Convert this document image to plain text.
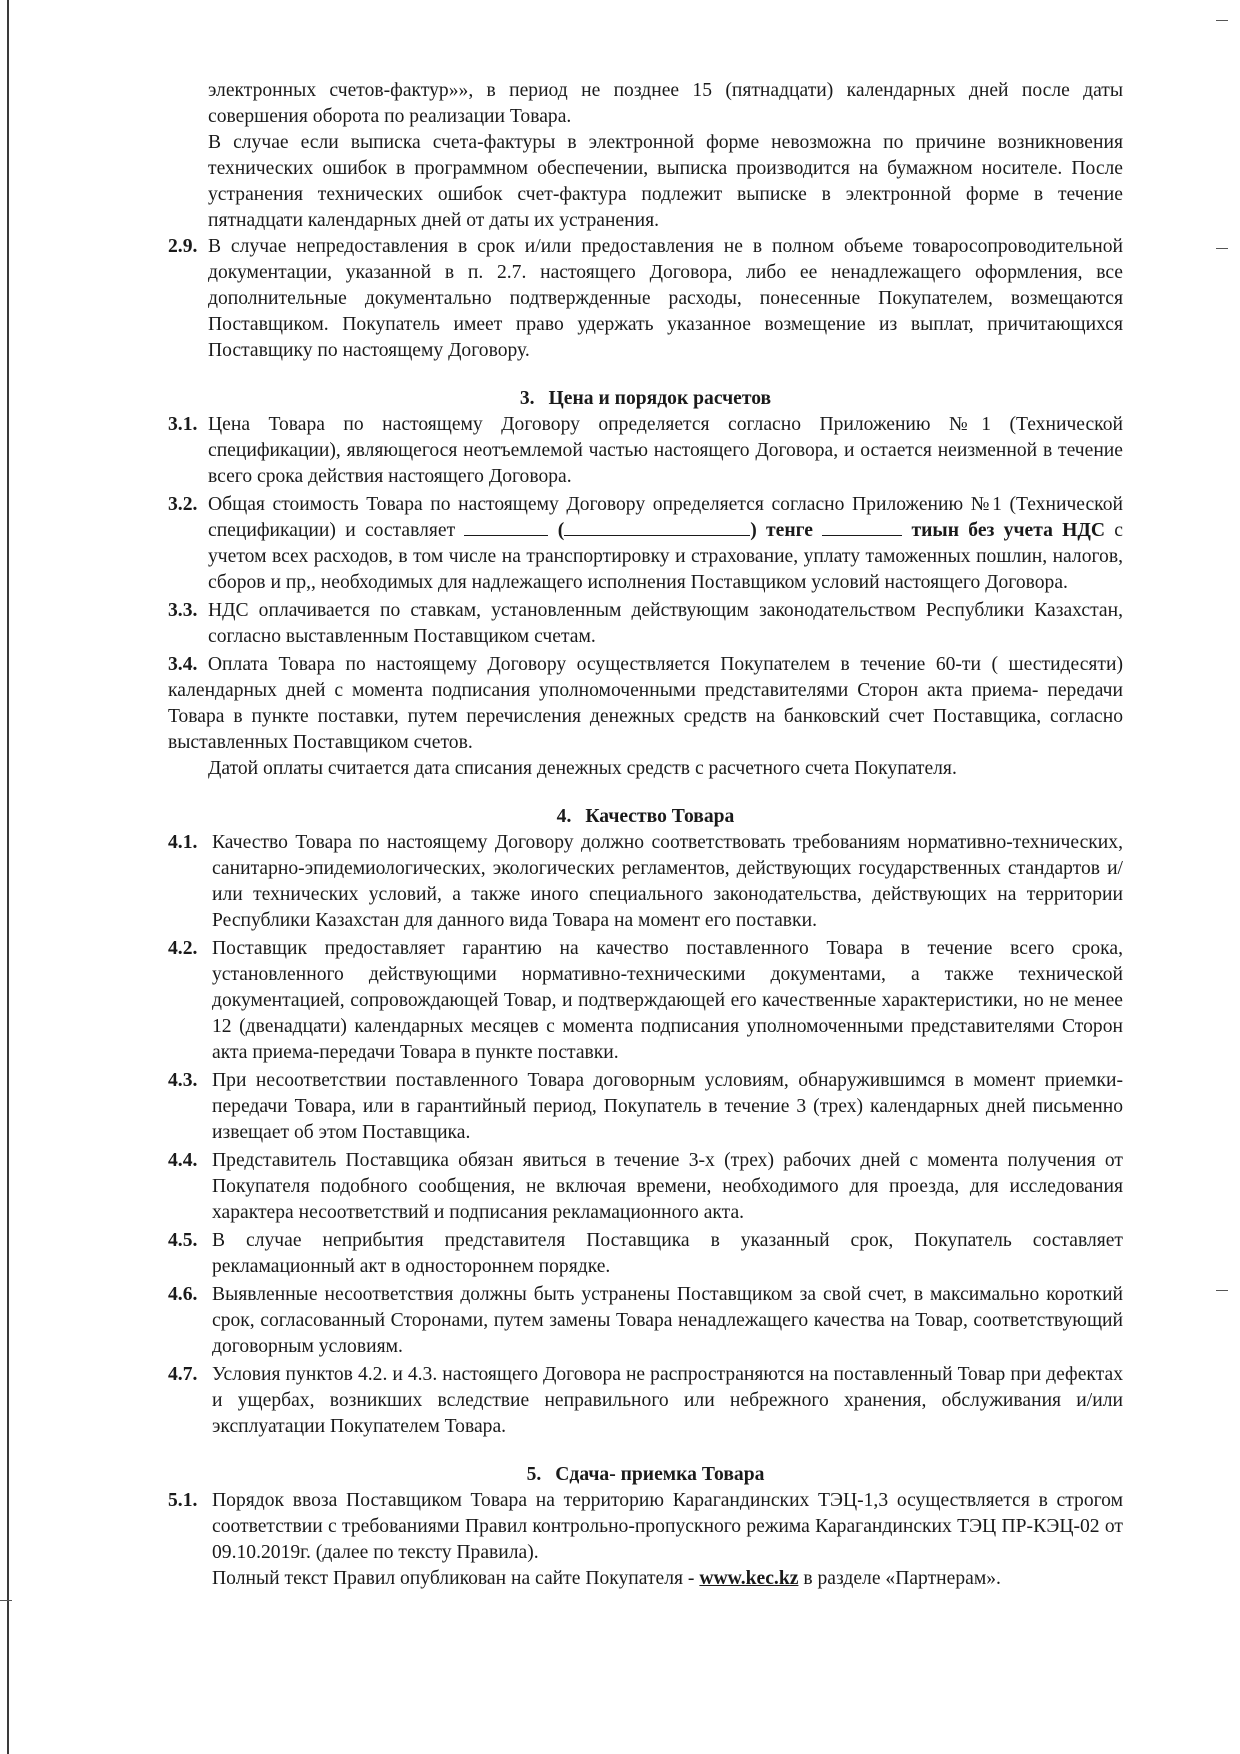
электронных счетов-фактур»», в период не позднее 15 (пятнадцати) календарных дней после даты совершения оборота по реализации Товара.

В случае если выписка счета-фактуры в электронной форме невозможна по причине возникновения технических ошибок в программном обеспечении, выписка производится на бумажном носителе. После устранения технических ошибок счет-фактура подлежит выписке в электронной форме в течение пятнадцати календарных дней от даты их устранения.

2.9. В случае непредоставления в срок и/или предоставления не в полном объеме товаросопроводительной документации, указанной в п. 2.7. настоящего Договора, либо ее ненадлежащего оформления, все дополнительные документально подтвержденные расходы, понесенные Покупателем, возмещаются Поставщиком. Покупатель имеет право удержать указанное возмещение из выплат, причитающихся Поставщику по настоящему Договору.
3. Цена и порядок расчетов
3.1. Цена Товара по настоящему Договору определяется согласно Приложению №1 (Технической спецификации), являющегося неотъемлемой частью настоящего Договора, и остается неизменной в течение всего срока действия настоящего Договора.
3.2. Общая стоимость Товара по настоящему Договору определяется согласно Приложению №1 (Технической спецификации) и составляет	(	) тенге	тиын без учета НДС с учетом всех расходов, в том числе на транспортировку и страхование, уплату таможенных пошлин, налогов, сборов и пр,, необходимых для надлежащего исполнения Поставщиком условий настоящего Договора.
3.3. НДС оплачивается по ставкам, установленным действующим законодательством Республики Казахстан, согласно выставленным Поставщиком счетам.

3.4. Оплата Товара по настоящему Договору осуществляется Покупателем в течение 60-ти ( шестидесяти) календарных дней с момента подписания уполномоченными представителями Сторон акта приема- передачи Товара в пункте поставки, путем перечисления денежных средств на банковский счет Поставщика, согласно выставленных Поставщиком счетов.

Датой оплаты считается дата списания денежных средств с расчетного счета Покупателя.

4. Качество Товара
4.1. Качество Товара по настоящему Договору должно соответствовать требованиям нормативно-технических, санитарно-эпидемиологических, экологических регламентов, действующих государственных стандартов и/или технических условий, а также иного специального законодательства, действующих на территории Республики Казахстан для данного вида Товара на момент его поставки.
4.2. Поставщик предоставляет гарантию на качество поставленного Товара в течение всего срока, установленного действующими нормативно-техническими документами, а также технической документацией, сопровождающей Товар, и подтверждающей его качественные характеристики, но не менее 12 (двенадцати) календарных месяцев с момента подписания уполномоченными представителями Сторон акта приема-передачи Товара в пункте поставки.
4.3. При несоответствии поставленного Товара договорным условиям, обнаружившимся в момент приемки-передачи Товара, или в гарантийный период, Покупатель в течение 3 (трех) календарных дней письменно извещает об этом Поставщика.
4.4. Представитель Поставщика обязан явиться в течение 3-х (трех) рабочих дней с момента получения от Покупателя подобного сообщения, не включая времени, необходимого для проезда, для исследования характера несоответствий и подписания рекламационного акта.
4.5. В случае неприбытия представителя Поставщика в указанный срок, Покупатель составляет рекламационный акт в одностороннем порядке.
4.6. Выявленные несоответствия должны быть устранены Поставщиком за свой счет, в максимально короткий срок, согласованный Сторонами, путем замены Товара ненадлежащего качества на Товар, соответствующий договорным условиям.
4.7. Условия пунктов 4.2. и 4.3. настоящего Договора не распространяются на поставленный Товар при дефектах и ущербах, возникших вследствие неправильного или небрежного хранения, обслуживания и/или эксплуатации Покупателем Товара.
5. Сдача- приемка Товара
5.1. Порядок ввоза Поставщиком Товара на территорию Карагандинских ТЭЦ-1,3 осуществляется в строгом соответствии с требованиями Правил контрольно-пропускного режима Карагандинских ТЭЦ ПР-КЭЦ-02 от 09.10.2019г. (далее по тексту Правила).
Полный текст Правил опубликован на сайте Покупателя - www.kec.kz в разделе «Партнерам».
